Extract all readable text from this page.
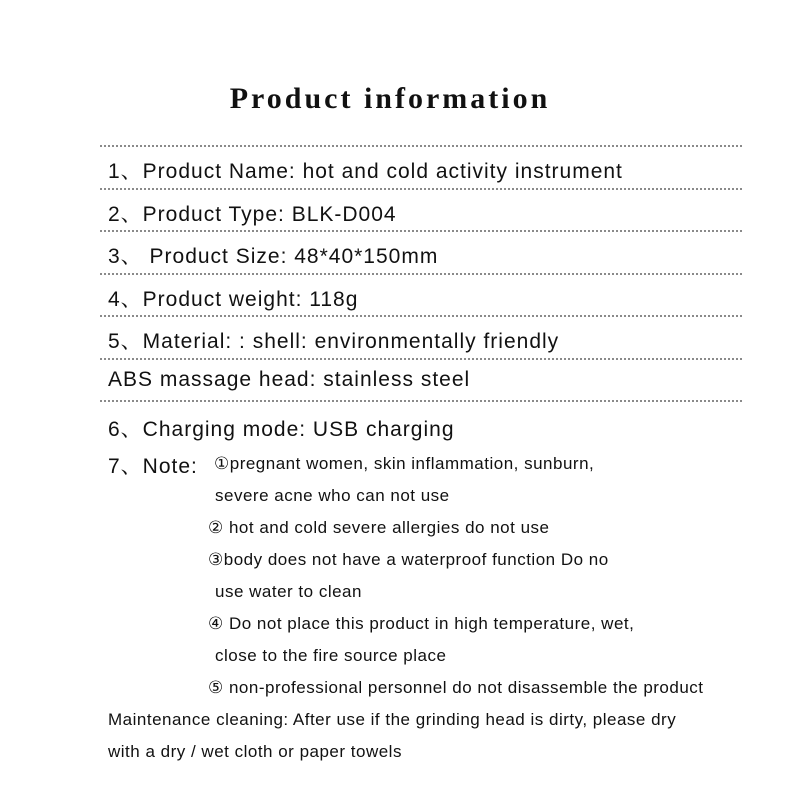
Product information
1、Product Name: hot and cold activity instrument
2、Product Type: BLK-D004
3、 Product Size: 48*40*150mm
4、Product weight: 118g
5、Material: : shell: environmentally friendly
ABS massage head: stainless steel
6、Charging mode: USB charging
7、Note: ①pregnant women, skin inflammation, sunburn,
severe acne who can not use
② hot and cold severe allergies do not use
③body does not have a waterproof function Do no
use water to clean
④ Do not place this product in high temperature, wet,
close to the fire source place
⑤ non-professional personnel do not disassemble the product
Maintenance cleaning: After use if the grinding head is dirty, please dry
with a dry / wet cloth or paper towels
